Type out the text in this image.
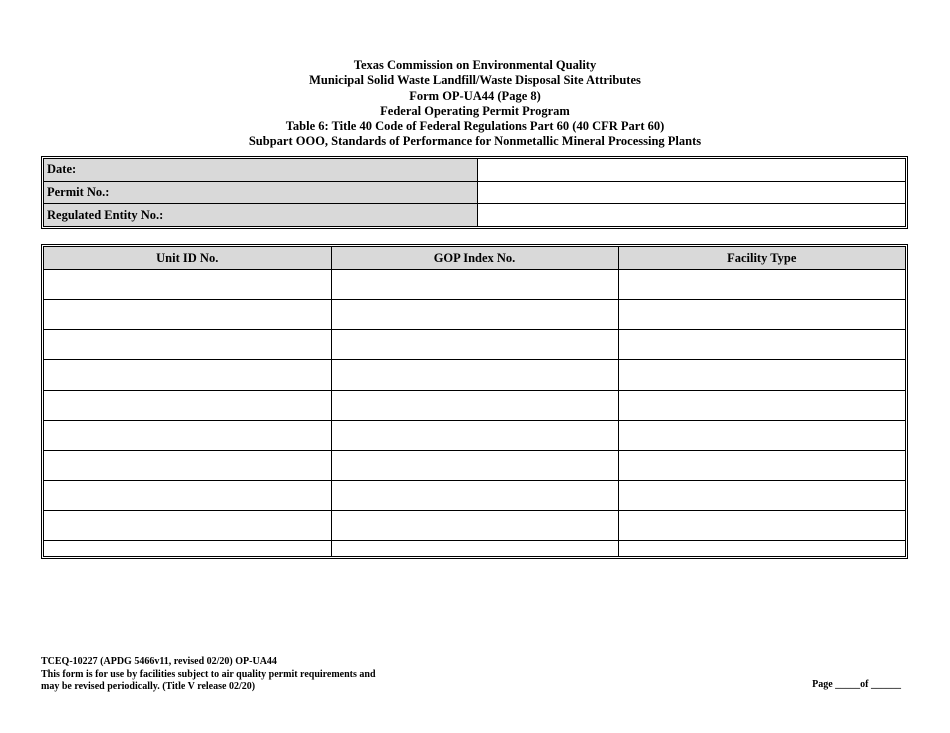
Texas Commission on Environmental Quality
Municipal Solid Waste Landfill/Waste Disposal Site Attributes
Form OP-UA44 (Page 8)
Federal Operating Permit Program
Table 6: Title 40 Code of Federal Regulations Part 60 (40 CFR Part 60)
Subpart OOO, Standards of Performance for Nonmetallic Mineral Processing Plants
Date:	
Permit No.:	
Regulated Entity No.:	
Unit ID No.	GOP Index No.	Facility Type

TCEQ-10227 (APDG 5466v11, revised 02/20) OP-UA44
This form is for use by facilities subject to air quality permit requirements and
may be revised periodically. (Title V release 02/20)	Page _____of ______
